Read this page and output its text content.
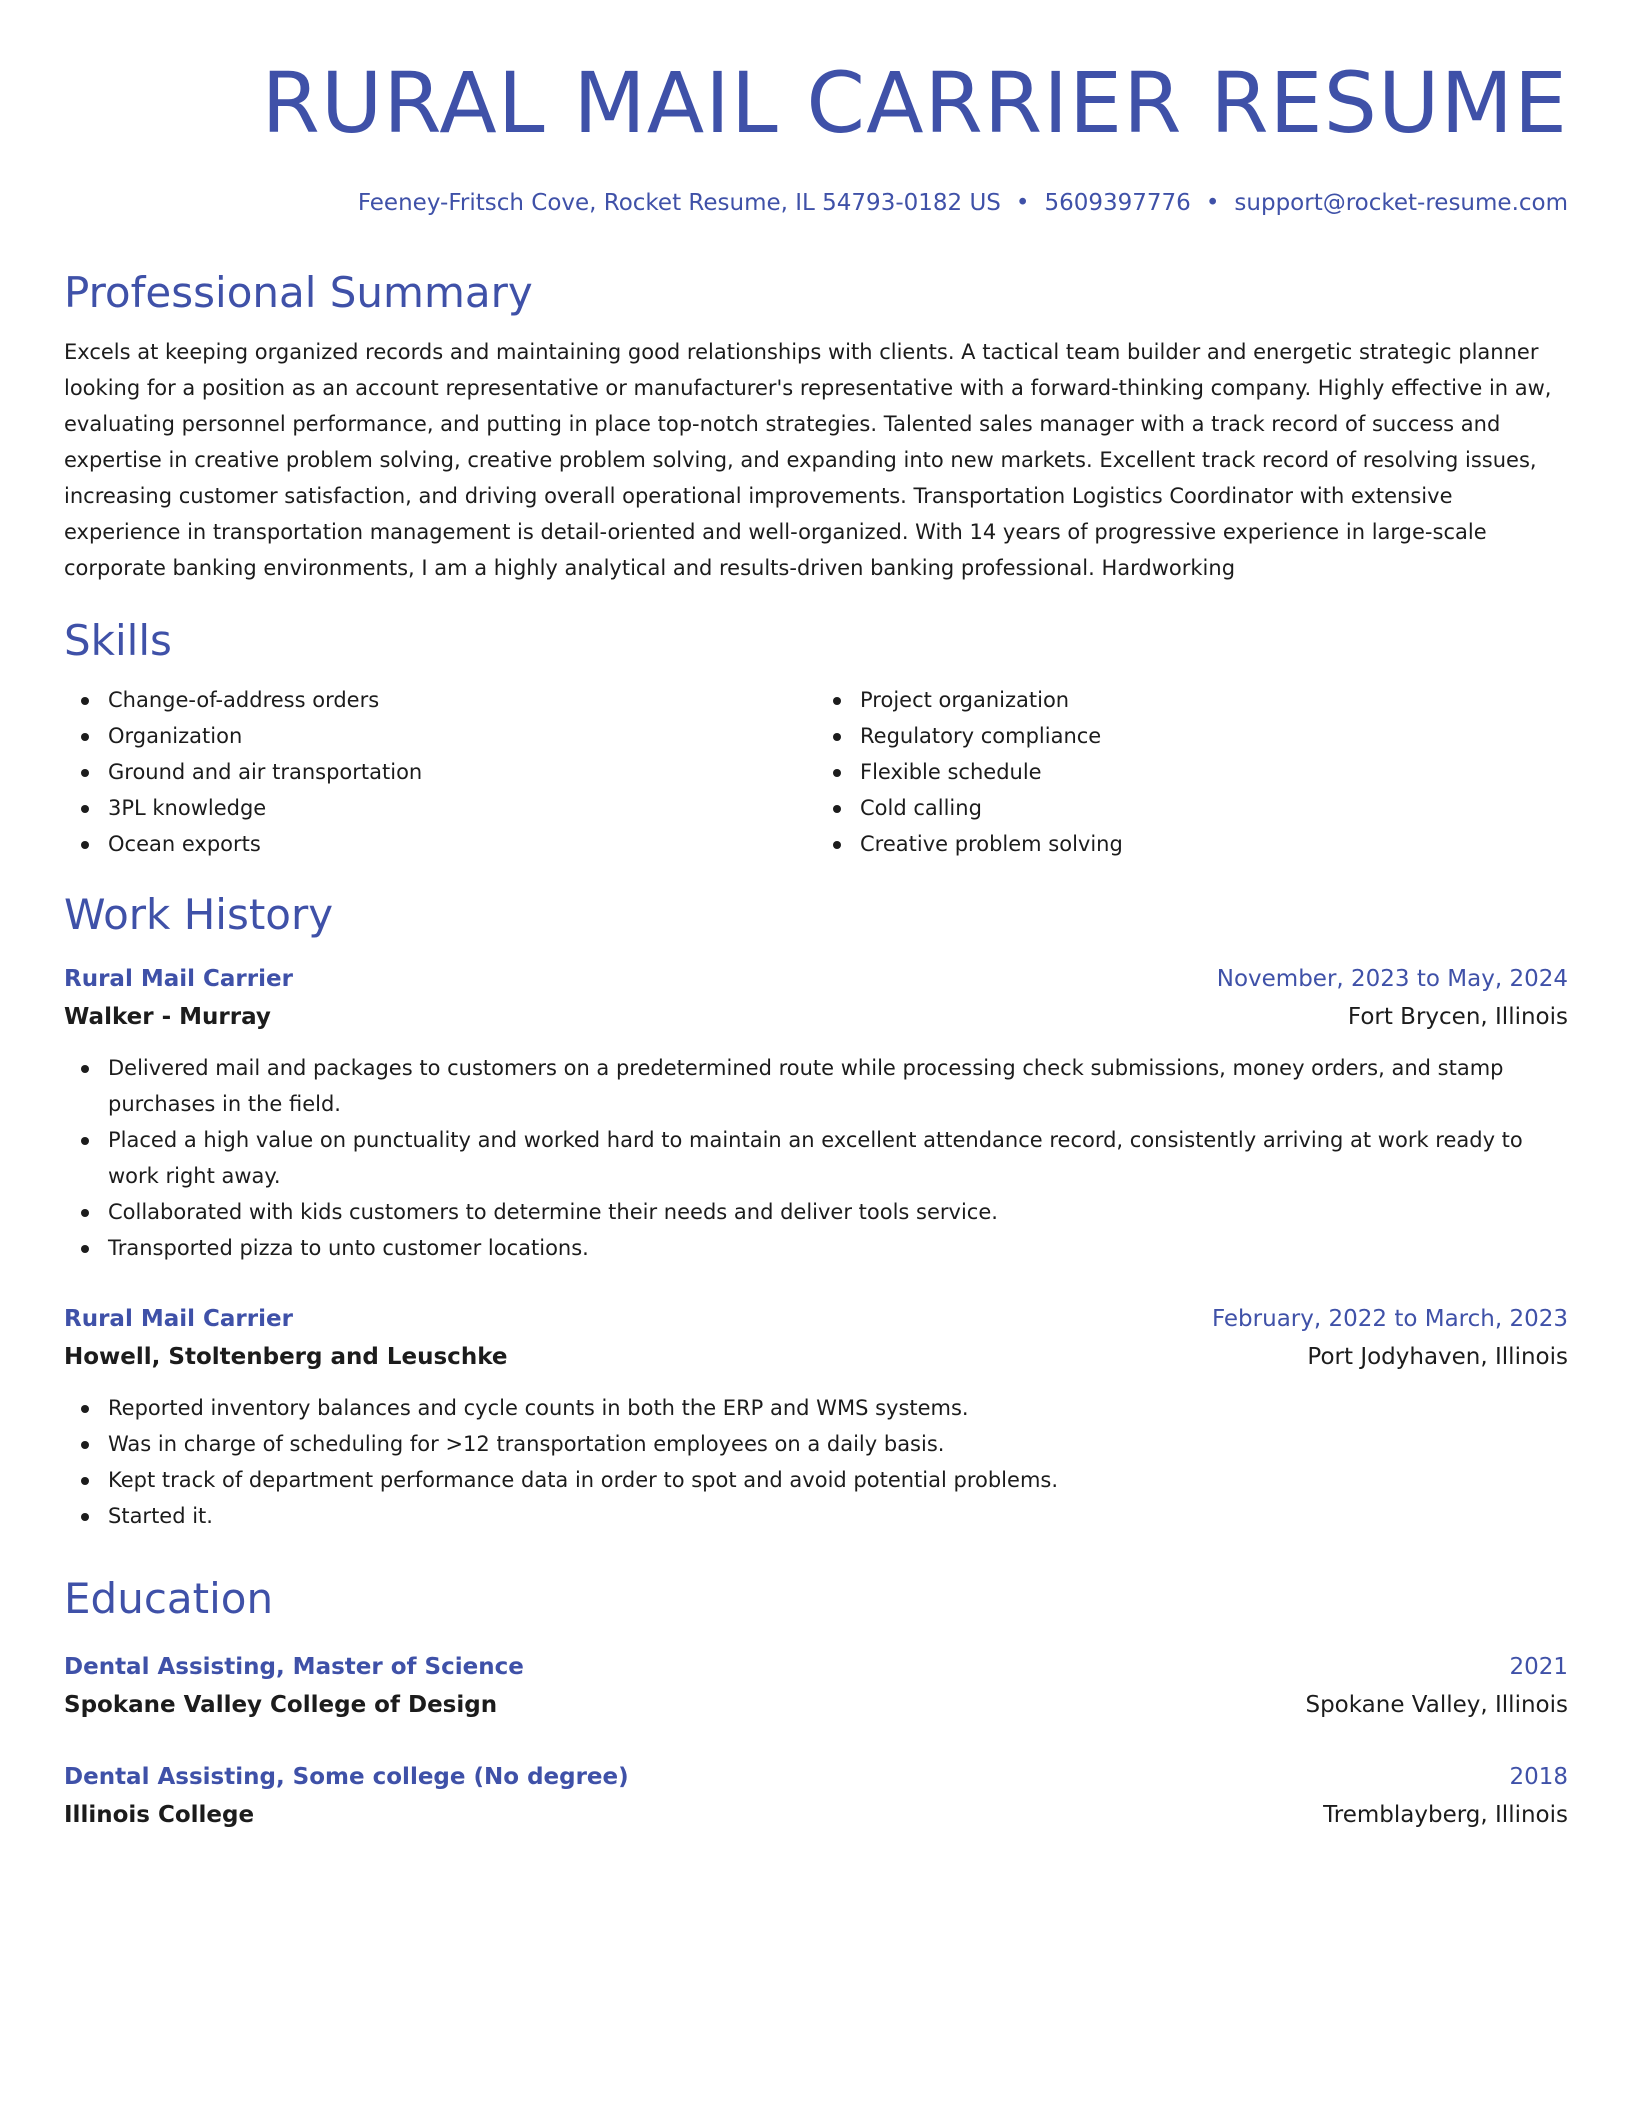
RURAL MAIL CARRIER RESUME
Feeney-Fritsch Cove, Rocket Resume, IL 54793-0182 US • 5609397776 • support@rocket-resume.com
Professional Summary
Excels at keeping organized records and maintaining good relationships with clients. A tactical team builder and energetic strategic planner looking for a position as an account representative or manufacturer's representative with a forward-thinking company. Highly effective in aw, evaluating personnel performance, and putting in place top-notch strategies. Talented sales manager with a track record of success and expertise in creative problem solving, creative problem solving, and expanding into new markets. Excellent track record of resolving issues, increasing customer satisfaction, and driving overall operational improvements. Transportation Logistics Coordinator with extensive experience in transportation management is detail-oriented and well-organized. With 14 years of progressive experience in large-scale corporate banking environments, I am a highly analytical and results-driven banking professional. Hardworking
Skills
Change-of-address orders
Organization
Ground and air transportation
3PL knowledge
Ocean exports
Project organization
Regulatory compliance
Flexible schedule
Cold calling
Creative problem solving
Work History
Rural Mail Carrier	November, 2023 to May, 2024
Walker - Murray	Fort Brycen, Illinois
Delivered mail and packages to customers on a predetermined route while processing check submissions, money orders, and stamp purchases in the field.
Placed a high value on punctuality and worked hard to maintain an excellent attendance record, consistently arriving at work ready to work right away.
Collaborated with kids customers to determine their needs and deliver tools service.
Transported pizza to unto customer locations.
Rural Mail Carrier	February, 2022 to March, 2023
Howell, Stoltenberg and Leuschke	Port Jodyhaven, Illinois
Reported inventory balances and cycle counts in both the ERP and WMS systems.
Was in charge of scheduling for >12 transportation employees on a daily basis.
Kept track of department performance data in order to spot and avoid potential problems.
Started it.
Education
Dental Assisting, Master of Science	2021
Spokane Valley College of Design	Spokane Valley, Illinois
Dental Assisting, Some college (No degree)	2018
Illinois College	Tremblayberg, Illinois
